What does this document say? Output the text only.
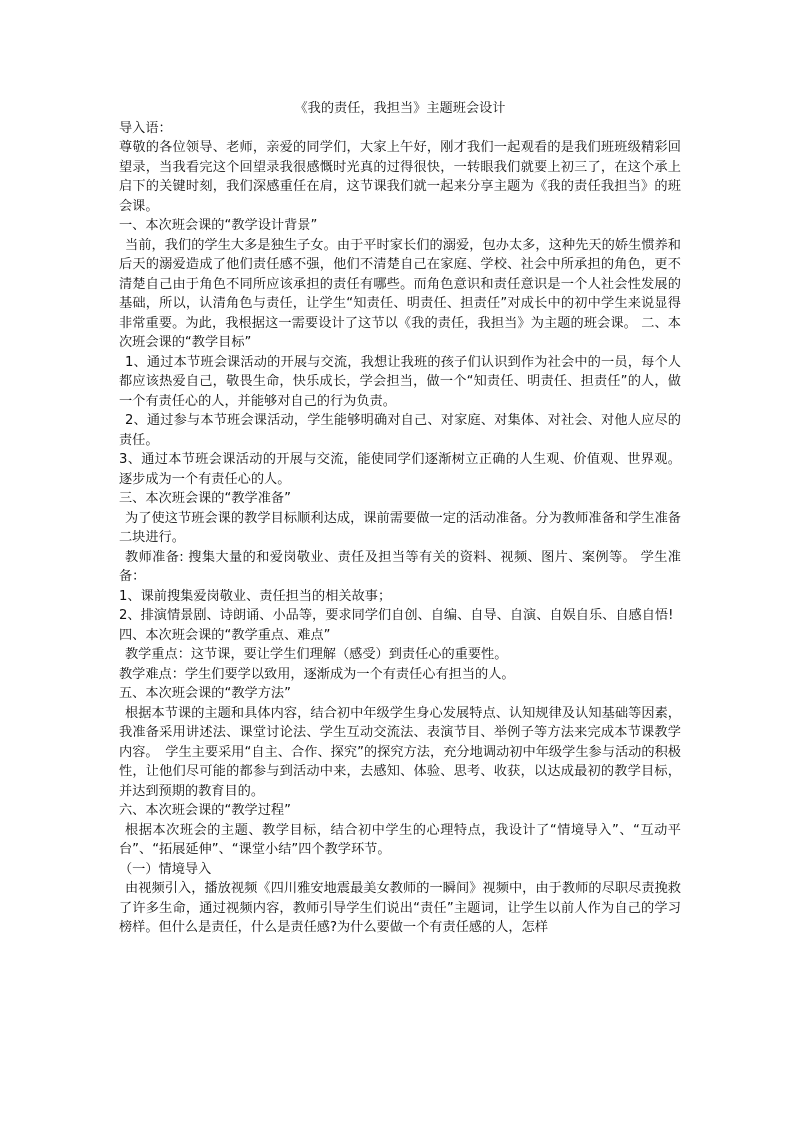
《我的责任，我担当》主题班会设计
导入语：
尊敬的各位领导、老师，亲爱的同学们，大家上午好，刚才我们一起观看的是我们班班级精彩回望录，当我看完这个回望录我很感慨时光真的过得很快，一转眼我们就要上初三了，在这个承上启下的关键时刻，我们深感重任在肩，这节课我们就一起来分享主题为《我的责任我担当》的班会课。
一、本次班会课的“教学设计背景”
当前，我们的学生大多是独生子女。由于平时家长们的溺爱，包办太多，这种先天的娇生惯养和后天的溺爱造成了他们责任感不强，他们不清楚自己在家庭、学校、社会中所承担的角色，更不清楚自己由于角色不同所应该承担的责任有哪些。而角色意识和责任意识是一个人社会性发展的基础，所以，认清角色与责任，让学生“知责任、明责任、担责任”对成长中的初中学生来说显得非常重要。为此，我根据这一需要设计了这节以《我的责任，我担当》为主题的班会课。 二、本次班会课的“教学目标”
1、通过本节班会课活动的开展与交流，我想让我班的孩子们认识到作为社会中的一员，每个人都应该热爱自己，敬畏生命，快乐成长，学会担当，做一个“知责任、明责任、担责任”的人，做一个有责任心的人，并能够对自己的行为负责。
2、通过参与本节班会课活动，学生能够明确对自己、对家庭、对集体、对社会、对他人应尽的责任。
3、通过本节班会课活动的开展与交流，能使同学们逐渐树立正确的人生观、价值观、世界观。逐步成为一个有责任心的人。
三、本次班会课的“教学准备”
为了使这节班会课的教学目标顺利达成，课前需要做一定的活动准备。分为教师准备和学生准备二块进行。
教师准备: 搜集大量的和爱岗敬业、责任及担当等有关的资料、视频、图片、案例等。 学生准备：
1、课前搜集爱岗敬业、责任担当的相关故事；
2、排演情景剧、诗朗诵、小品等，要求同学们自创、自编、自导、自演、自娱自乐、自感自悟!
四、本次班会课的“教学重点、难点”
教学重点：这节课，要让学生们理解（感受）到责任心的重要性。
教学难点：学生们要学以致用，逐渐成为一个有责任心有担当的人。
五、本次班会课的“教学方法”
根据本节课的主题和具体内容，结合初中年级学生身心发展特点、认知规律及认知基础等因素，我准备采用讲述法、课堂讨论法、学生互动交流法、表演节目、举例子等方法来完成本节课教学内容。　学生主要采用“自主、合作、探究”的探究方法，充分地调动初中年级学生参与活动的积极性，让他们尽可能的都参与到活动中来，去感知、体验、思考、收获，以达成最初的教学目标，并达到预期的教育目的。
六、本次班会课的“教学过程”
根据本次班会的主题、教学目标，结合初中学生的心理特点，我设计了“情境导入”、“互动平台”、“拓展延伸”、“课堂小结”四个教学环节。
（一）情境导入
由视频引入，播放视频《四川雅安地震最美女教师的一瞬间》视频中，由于教师的尽职尽责挽救了许多生命，通过视频内容，教师引导学生们说出“责任”主题词，让学生以前人作为自己的学习榜样。但什么是责任，什么是责任感?为什么要做一个有责任感的人，怎样
